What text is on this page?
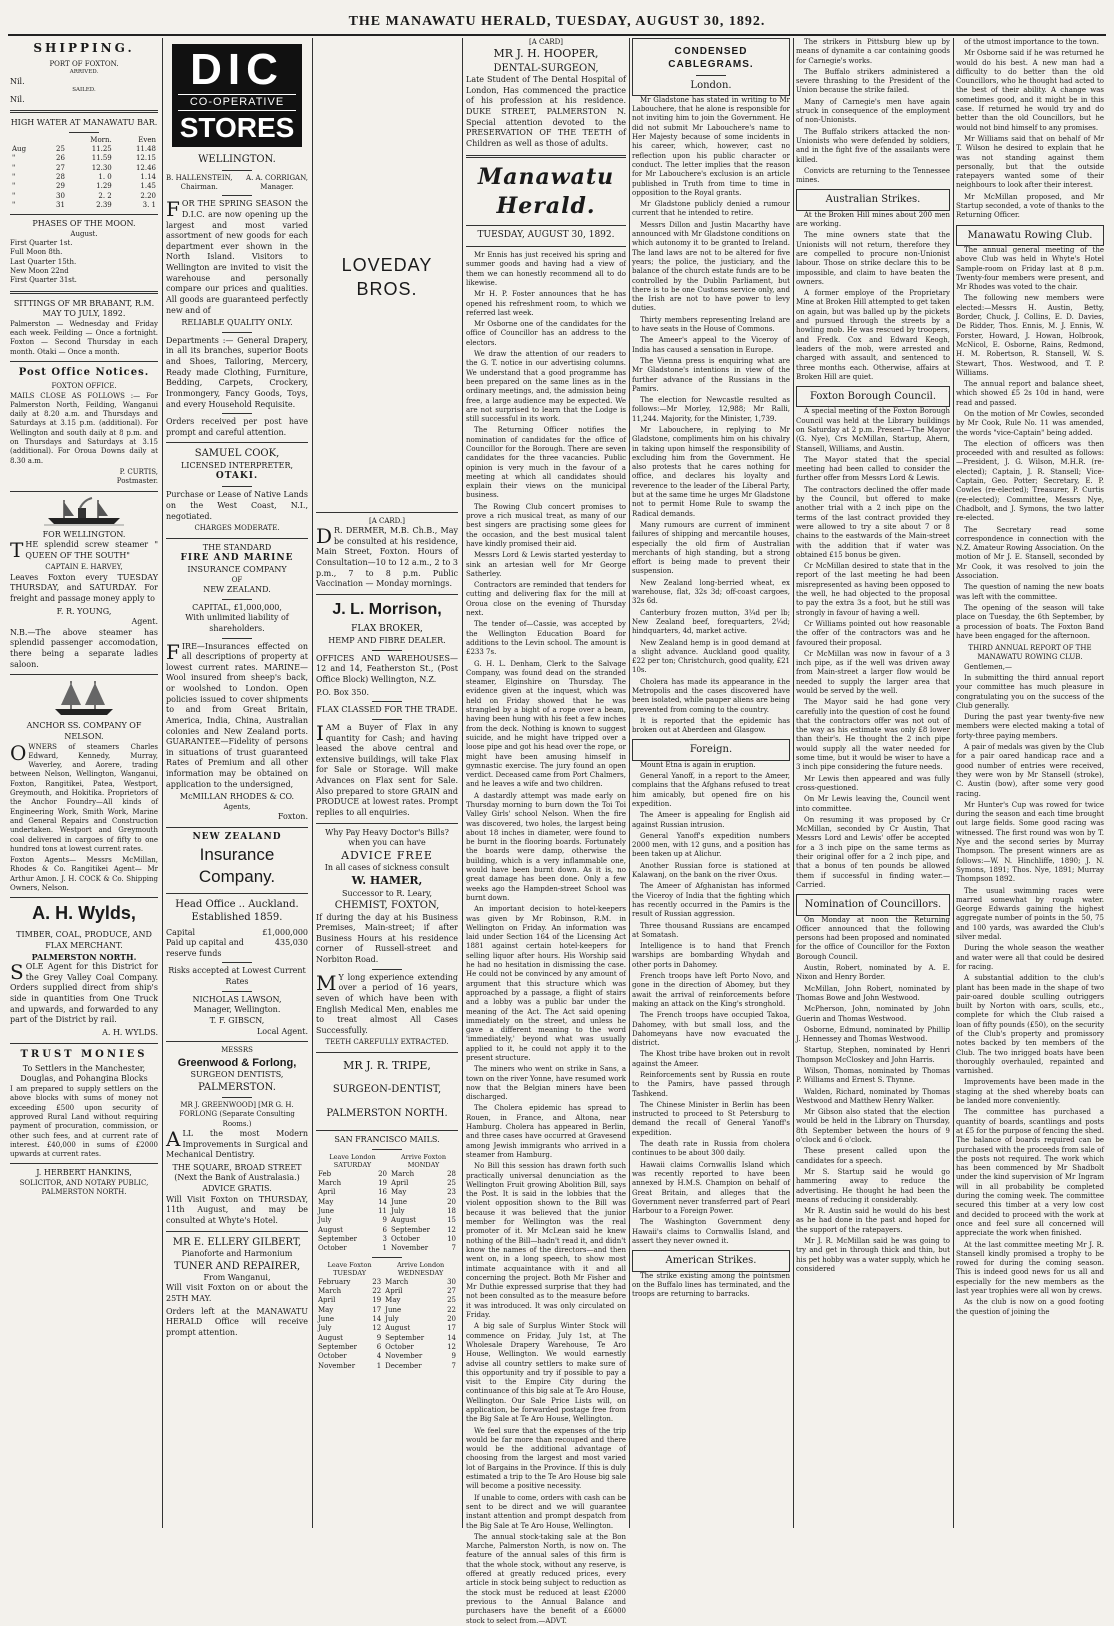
THE MANAWATU HERALD, TUESDAY, AUGUST 30, 1892.
SHIPPING.
PORT OF FOXTON.
ARRIVED.
Nil.
SAILED.
Nil.
HIGH WATER AT MANAWATU BAR.
		Morn.	Even
Aug	25	11.25	11.48
"	26	11.59	12.15
"	27	12.30	12.46
"	28	1. 0	1.14
"	29	1.29	1.45
"	30	2. 2	2.20
"	31	2.39	3. 1
PHASES OF THE MOON.
August.
First Quarter 1st.
Full Moon 8th.
Last Quarter 15th.
New Moon 22nd
First Quarter 31st.
SITTINGS OF MR BRABANT, R.M. MAY TO JULY, 1892.

Palmerston — Wednesday and Friday each week. Feilding — Once a fortnight. Foxton — Second Thursday in each month. Otaki — Once a month.

Post Office Notices.
FOXTON OFFICE.

MAILS CLOSE AS FOLLOWS :— For Palmerston North, Feilding, Wanganui daily at 8.20 a.m. and Thursdays and Saturdays at 3.15 p.m. (additional). For Wellington and south daily at 8 p.m. and on Thursdays and Saturdays at 3.15 (additional). For Oroua Downs daily at 8.30 a.m.

P. CURTIS,
Postmaster.
FOR WELLINGTON.

THE splendid screw steamer " QUEEN OF THE SOUTH"

CAPTAIN E. HARVEY,

Leaves Foxton every TUESDAY THURSDAY, and SATURDAY. For freight and passage money apply to

F. R. YOUNG,
Agent.

N.B.—The above steamer has splendid passenger accomodation, there being a separate ladies saloon.

ANCHOR SS. COMPANY OF NELSON.

OWNERS of steamers Charles Edward, Kennedy, Murray, Waverley, and Aorere, trading between Nelson, Wellington, Wanganui, Foxton, Rangitikei, Patea, Westport, Greymouth, and Hokitika. Proprietors of the Anchor Foundry—All kinds of Engineering Work, Smith Work, Marine and General Repairs and Construction undertaken. Westport and Greymouth coal delivered in cargoes of fifty to one hundred tons at lowest current rates.

Foxton Agents— Messrs McMillan, Rhodes & Co. Rangitikei Agent— Mr Arthur Amon. J. H. COCK & Co. Shipping Owners, Nelson.

A. H. Wylds,
TIMBER, COAL, PRODUCE, AND FLAX MERCHANT.
PALMERSTON NORTH.

SOLE Agent for this District for the Grey Valley Coal Company. Orders supplied direct from ship's side in quantities from One Truck and upwards, and forwarded to any part of the District by rail.

A. H. WYLDS.
TRUST MONIES
To Settlers in the Manchester, Douglas, and Pohangina Blocks

I am prepared to supply settlers on the above blocks with sums of money not exceeding £500 upon security of approved Rural Land without requiring payment of procuration, commission, or other such fees, and at current rate of interest. £40,000 in sums of £2000 upwards at current rates.

J. HERBERT HANKINS,
SOLICITOR, AND NOTARY PUBLIC,
PALMERSTON NORTH.
DIC
CO-OPERATIVE
STORES
WELLINGTON.
B. HALLENSTEIN,
Chairman.
A. A. CORRIGAN,
Manager.

FOR THE SPRING SEASON the D.I.C. are now opening up the largest and most varied assortment of new goods for each department ever shown in the North Island. Visitors to Wellington are invited to visit the warehouse and personally compare our prices and qualities. All goods are guaranteed perfectly new and of

RELIABLE QUALITY ONLY.

Departments :— General Drapery, in all its branches, superior Boots and Shoes, Tailoring, Mercery, Ready made Clothing, Furniture, Bedding, Carpets, Crockery, Ironmongery, Fancy Goods, Toys, and every Household Requisite.

Orders received per post have prompt and careful attention.

SAMUEL COOK,
LICENSED INTERPRETER,
OTAKI.

Purchase or Lease of Native Lands on the West Coast, N.I., negotiated.

CHARGES MODERATE.
THE STANDARD
FIRE AND MARINE
INSURANCE COMPANY
OF
NEW ZEALAND.
CAPITAL, £1,000,000,
With unlimited liability of shareholders.

FIRE—Insurances effected on all descriptions of property at lowest current rates. MARINE—Wool insured from sheep's back, or woolshed to London. Open policies issued to cover shipments to and from Great Britain, America, India, China, Australian colonies and New Zealand ports. GUARANTEE—Fidelity of persons in situations of trust guaranteed Rates of Premium and all other information may be obtained on application to the undersigned,

McMILLAN RHODES & CO.
Agents,
Foxton.
NEW ZEALAND
Insurance Company.
Head Office .. Auckland. Established 1859.
Capital	£1,000,000
Paid up capital and reserve funds
435,030
Risks accepted at Lowest Current Rates
NICHOLAS LAWSON,
Manager, Wellington.
T. F. GIBSCN,
Local Agent.
MESSRS
Greenwood & Forlong,
SURGEON DENTISTS,
PALMERSTON.
MR J. GREENWOOD] [MR G. H. FORLONG (Separate Consulting Rooms.)

ALL the most Modern Improvements in Surgical and Mechanical Dentistry.

THE SQUARE, BROAD STREET (Next the Bank of Australasia.)
ADVICE GRATIS.

Will Visit Foxton on THURSDAY, 11th August, and may be consulted at Whyte's Hotel.

MR E. ELLERY GILBERT,
Pianoforte and Harmonium
TUNER AND REPAIRER,
From Wanganui,

Will visit Foxton on or about the 25TH MAY.

Orders left at the MANAWATU HERALD Office will receive prompt attention.

LOVEDAY BROS.
[A CARD.]

DR. DERMER, M.B. Ch.B., May be consulted at his residence, Main Street, Foxton. Hours of Consultation—10 to 12 a.m., 2 to 3 p.m., 7 to 8 p.m. Public Vaccination — Monday mornings.

J. L. Morrison,
FLAX BROKER,
HEMP AND FIBRE DEALER.

OFFICES AND WAREHOUSES— 12 and 14, Featherston St., (Post Office Block) Wellington, N.Z.

P.O. Box 350.
FLAX CLASSED FOR THE TRADE.

IAM a Buyer of Flax in any quantity for Cash; and having leased the above central and extensive buildings, will take Flax for Sale or Storage. Will make Advances on Flax sent for Sale. Also prepared to store GRAIN and PRODUCE at lowest rates. Prompt replies to all enquiries.

Why Pay Heavy Doctor's Bills? when you can have
ADVICE FREE
In all cases of sickness consult
W. HAMER,
Successor to R. Leary,
CHEMIST, FOXTON,

If during the day at his Business Premises, Main-street; if after Business Hours at his residence corner of Russell-street and Norbiton Road.

MY long experience extending over a period of 16 years, seven of which have been with English Medical Men, enables me to treat almost All Cases Successfully.

TEETH CAREFULLY EXTRACTED.
MR J. R. TRIPE,
SURGEON-DENTIST,
PALMERSTON NORTH.
SAN FRANCISCO MAILS.
Leave London SATURDAY		Arrive Foxton MONDAY	
Feb	20	March	28
March	19	April	25
April	16	May	23
May	14	June	20
June	11	July	18
July	9	August	15
August	6	September	12
September	3	October	10
October	1	November	7
Leave Foxton TUESDAY		Arrive London WEDNESDAY	
February	23	March	30
March	22	April	27
April	19	May	25
May	17	June	22
June	14	July	20
July	12	August	17
August	9	September	14
September	6	October	12
October	4	November	9
November	1	December	7
[A CARD]
MR J. H. HOOPER,
DENTAL-SURGEON,

Late Student of The Dental Hospital of London, Has commenced the practice of his profession at his residence. DUKE STREET, PALMERSTON N. Special attention devoted to the PRESERVATION OF THE TEETH of Children as well as those of adults.

Manawatu Herald.
TUESDAY, AUGUST 30, 1892.

Mr Ennis has just received his spring and summer goods and having had a view of them we can honestly recommend all to do likewise.

Mr H. P. Foster announces that he has opened his refreshment room, to which we referred last week.

Mr Osborne one of the candidates for the office of Councillor has an address to the electors.

We draw the attention of our readers to the G. T. notice in our advertising columns. We understand that a good programme has been prepared on the same lines as in the ordinary meetings, and, the admission being free, a large audience may be expected. We are not surprised to learn that the Lodge is still successful in its work.

The Returning Officer notifies the nomination of candidates for the office of Councillor for the Borough. There are seven candidates for the three vacancies. Public opinion is very much in the favour of a meeting at which all candidates should explain their views on the municipal business.

The Rowing Club concert promises to prove a rich musical treat, as many of our best singers are practising some glees for the occasion, and the best musical talent have kindly promised their aid.

Messrs Lord & Lewis started yesterday to sink an artesian well for Mr George Satherley.

Contractors are reminded that tenders for cutting and delivering flax for the mill at Oroua close on the evening of Thursday next.

The tender of—Cassie, was accepted by the Wellington Education Board for additions to the Levin school. The amount is £233 7s.

G. H. L. Denham, Clerk to the Salvage Company, was found dead on the stranded steamer, Elginshire on Thursday. The evidence given at the inquest, which was held on Friday showed that he was strangled by a bight of a rope over a beam, having been hung with his feet a few inches from the deck. Nothing is known to suggest suicide, and he might have tripped over a loose pipe and got his head over the rope, or might have been amusing himself in gymnastic exercise. The jury found an open verdict. Deceased came from Port Chalmers, and he leaves a wife and two children.

A dastardly attempt was made early on Thursday morning to burn down the Toi Toi Valley Girls' school Nelson. When the fire was discovered, two holes, the largest being about 18 inches in diameter, were found to be burnt in the flooring boards. Fortunately the boards were damp, otherwise the building, which is a very inflammable one, would have been burnt down. As it is, no great damage has been done. Only a few weeks ago the Hampden-street School was burnt down.

An important decision to hotel-keepers was given by Mr Robinson, R.M. in Wellington on Friday. An information was laid under Section 164 of the Licensing Act 1881 against certain hotel-keepers for selling liquor after hours. His Worship said he had no hesitation in dismissing the case. He could not be convinced by any amount of argument that this structure which was approached by a passage, a flight of stairs and a lobby was a public bar under the meaning of the Act. The Act said opening immediately on the street, and unless he gave a different meaning to the word 'immediately,' beyond what was usually applied to it, he could not apply it to the present structure.

The miners who went on strike in Sans, a town on the river Yonne, have resumed work now that the Belgian miners have been discharged.

The Cholera epidemic has spread to Rouen, in France, and Altona, near Hamburg. Cholera has appeared in Berlin, and three cases have occurred at Gravesend among Jewish immigrants who arrived in a steamer from Hamburg.

No Bill this session has drawn forth such practically universal denunciation as the Wellington Fruit growing Abolition Bill, says the Post. It is said in the lobbies that the violent opposition shown to the Bill was because it was believed that the junior member for Wellington was the real promoter of it. Mr McLean said he knew nothing of the Bill—hadn't read it, and didn't know the names of the directors—and then went on, in a long speech, to show most intimate acquaintance with it and all concerning the project. Both Mr Fisher and Mr Duthie expressed surprise that they had not been consulted as to the measure before it was introduced. It was only circulated on Friday.

A big sale of Surplus Winter Stock will commence on Friday, July 1st, at The Wholesale Drapery Warehouse, Te Aro House, Wellington. We would earnestly advise all country settlers to make sure of this opportunity and try if possible to pay a visit to the Empire City during the continuance of this big sale at Te Aro House, Wellington. Our Sale Price Lists will, on application, be forwarded postage free from the Big Sale at Te Aro House, Wellington.

We feel sure that the expenses of the trip would be far more than recouped and there would be the additional advantage of choosing from the largest and most varied lot of Bargains in the Province. If this is duly estimated a trip to the Te Aro House big sale will become a positive necessity.

If unable to come, orders with cash can be sent to be direct and we will guarantee instant attention and prompt despatch from the Big Sale at Te Aro House, Wellington.

The annual stock-taking sale at the Bon Marche, Palmerston North, is now on. The feature of the annual sales of this firm is that the whole stock, without any reserve, is offered at greatly reduced prices, every article in stock being subject to reduction as the stock must be reduced at least £2000 previous to the Annual Balance and purchasers have the benefit of a £6000 stock to select from.—ADVT.

CONDENSED CABLEGRAMS.
London.

Mr Gladstone has stated in writing to Mr Labouchere, that he alone is responsible for not inviting him to join the Government. He did not submit Mr Labouchere's name to Her Majesty because of some incidents in his career, which, however, cast no reflection upon his public character or conduct. The letter implies that the reason for Mr Labouchere's exclusion is an article published in Truth from time to time in opposition to the Royal grants.

Mr Gladstone publicly denied a rumour current that he intended to retire.

Messrs Dillon and Justin Macarthy have announced with Mr Gladstone conditions on which autonomy it to be granted to Ireland. The land laws are not to be altered for five years; the police, the justiciary, and the balance of the church estate funds are to be controlled by the Dublin Parliament, but there is to be one Customs service only, and the Irish are not to have power to levy duties.

Thirty members representing Ireland are to have seats in the House of Commons.

The Ameer's appeal to the Viceroy of India has caused a sensation in Europe.

The Vienna press is enquiring what are Mr Gladstone's intentions in view of the further advance of the Russians in the Pamirs.

The election for Newcastle resulted as follows:—Mr Morley, 12,988; Mr Ralli, 11,244. Majority, for the Minister, 1,739.

Mr Labouchere, in replying to Mr Gladstone, compliments him on his chivalry in taking upon himself the responsibility of excluding him from the Government. He also protests that he cares nothing for office, and declares his loyalty and reverence to the leader of the Liberal Party, but at the same time he urges Mr Gladstone not to permit Home Rule to swamp the Radical demands.

Many rumours are current of imminent failures of shipping and mercantile houses, especially the old firm of Australian merchants of high standing, but a strong effort is being made to prevent their suspension.

New Zealand long-berried wheat, ex warehouse, flat, 32s 3d; off-coast cargoes, 32s 6d.

Canterbury frozen mutton, 3¼d per lb; New Zealand beef, forequarters, 2¼d; hindquarters, 4d, market active.

New Zealand hemp is in good demand at a slight advance. Auckland good quality, £22 per ton; Christchurch, good quality, £21 10s.

Cholera has made its appearance in the Metropolis and the cases discovered have been isolated, while pauper aliens are being prevented from coming to the country.

It is reported that the epidemic has broken out at Aberdeen and Glasgow.

Foreign.

Mount Etna is again in eruption.

General Yanoff, in a report to the Ameer, complains that the Afghans refused to treat him amicably, but opened fire on his expedition.

The Ameer is appealing for English aid against Russian intrusion.

General Yanoff's expedition numbers 2000 men, with 12 guns, and a position has been taken up at Alichur.

Another Russian force is stationed at Kalawanj, on the bank on the river Oxus.

The Ameer of Afghanistan has informed the Viceroy of India that the fighting which has recently occurred in the Pamirs is the result of Russian aggression.

Three thousand Russians are encamped at Somatash.

Intelligence is to hand that French warships are bombarding Whydah and other ports in Dahomey.

French troops have left Porto Novo, and gone in the direction of Abomey, but they await the arrival of reinforcements before making an attack on the King's stronghold.

The French troops have occupied Takoa, Dahomey, with but small loss, and the Dahomeyans have now evacuated the district.

The Khost tribe have broken out in revolt against the Ameer.

Reinforcements sent by Russia en route to the Pamirs, have passed through Tashkend.

The Chinese Minister in Berlin has been instructed to proceed to St Petersburg to demand the recall of General Yanoff's expedition.

The death rate in Russia from cholera continues to be about 300 daily.

Hawaii claims Cornwallis Island which was recently reported to have been annexed by H.M.S. Champion on behalf of Great Britain, and alleges that the Government never transferred part of Pearl Harbour to a Foreign Power.

The Washington Government deny Hawaii's claims to Cornwallis Island, and assert they never owned it.

American Strikes.

The strike existing among the pointsmen on the Buffalo lines has terminated, and the troops are returning to barracks.

The strikers in Pittsburg blew up by means of dynamite a car containing goods for Carnegie's works.

The Buffalo strikers administered a severe thrashing to the President of the Union because the strike failed.

Many of Carnegie's men have again struck in consequence of the employment of non-Unionists.

The Buffalo strikers attacked the non-Unionists who were defended by soldiers, and in the fight five of the assailants were killed.

Convicts are returning to the Tennessee mines.

Australian Strikes.

At the Broken Hill mines about 200 men are working.

The mine owners state that the Unionists will not return, therefore they are compelled to procure non-Unionist labour. Those on strike declare this to be impossible, and claim to have beaten the owners.

A former employe of the Proprietary Mine at Broken Hill attempted to get taken on again, but was balled up by the pickets and pursued through the streets by a howling mob. He was rescued by troopers, and Fredk. Cox and Edward Keogh, leaders of the mob, were arrested and charged with assault, and sentenced to three months each. Otherwise, affairs at Broken Hill are quiet.

Foxton Borough Council.

A special meeting of the Foxton Borough Council was held at the Library buildings on Saturday at 2 p.m. Present—The Mayor (G. Nye), Crs McMillan, Startup, Ahern, Stansell, Williams, and Austin.

The Mayor stated that the special meeting had been called to consider the further offer from Messrs Lord & Lewis.

The contractors declined the offer made by the Council, but offered to make another trial with a 2 inch pipe on the terms of the last contract provided they were allowed to try a site about 7 or 8 chains to the eastwards of the Main-street with the addition that if water was obtained £15 bonus be given.

Cr McMillan desired to state that in the report of the last meeting he had been misrepresented as having been opposed to the well, he had objected to the proposal to pay the extra 3s a foot, but he still was strongly in favour of having a well.

Cr Williams pointed out how reasonable the offer of the contractors was and he favoured their proposal.

Cr McMillan was now in favour of a 3 inch pipe, as if the well was driven away from Main-street a larger flow would be needed to supply the larger area that would be served by the well.

The Mayor said he had gone very carefully into the question of cost he found that the contractors offer was not out of the way as his estimate was only £8 lower than their's. He thought the 2 inch pipe would supply all the water needed for some time, but it would be wiser to have a 3 inch pipe considering the future needs.

Mr Lewis then appeared and was fully cross-questioned.

On Mr Lewis leaving the, Council went into committee.

On resuming it was proposed by Cr McMillan, seconded by Cr Austin, That Messrs Lord and Lewis' offer be accepted for a 3 inch pipe on the same terms as their original offer for a 2 inch pipe, and that a bonus of ten pounds be allowed them if successful in finding water.—Carried.

Nomination of Councillors.

On Monday at noon the Returning Officer announced that the following persons had been proposed and nominated for the office of Councillor for the Foxton Borough Council.

Austin, Robert, nominated by A. E. Nixon and Henry Border.

McMillan, John Robert, nominated by Thomas Bowe and John Westwood.

McPherson, John, nominated by John Guerin and Thomas Westwood.

Osborne, Edmund, nominated by Phillip J. Hennessey and Thomas Westwood.

Startup, Stephen, nominated by Henri Thompson McCloskey and John Harris.

Wilson, Thomas, nominated by Thomas P. Williams and Ernest S. Thynne.

Walden, Richard, nominated by Thomas Westwood and Matthew Henry Walker.

Mr Gibson also stated that the election would be held in the Library on Thursday, 8th September between the hours of 9 o'clock and 6 o'clock.

These present called upon the candidates for a speech.

Mr S. Startup said he would go hammering away to reduce the advertising. He thought he had been the means of reducing it considerably.

Mr R. Austin said he would do his best as he had done in the past and hoped for the support of the ratepayers.

Mr J. R. McMillan said he was going to try and get in through thick and thin, but his pet hobby was a water supply, which he considered

of the utmost importance to the town.

Mr Osborne said if he was returned he would do his best. A new man had a difficulty to do better than the old Councillors, who he thought had acted to the best of their ability. A change was sometimes good, and it might be in this case. If returned he would try and do better than the old Councillors, but he would not bind himself to any promises.

Mr Williams said that on behalf of Mr T. Wilson he desired to explain that he was not standing against them personally, but that the outside ratepayers wanted some of their neighbours to look after their interest.

Mr McMillan proposed, and Mr Startup seconded, a vote of thanks to the Returning Officer.

Manawatu Rowing Club.

The annual general meeting of the above Club was held in Whyte's Hotel Sample-room on Friday last at 8 p.m. Twenty-four members were present, and Mr Rhodes was voted to the chair.

The following new members were elected:—Messrs H. Austin, Betty, Border, Chuck, J. Collins, E. D. Davies, De Ridder, Thos. Ennis, M. J. Ennis, W. Forster, Howard, J. Howan, Holbrook, McNicol, E. Osborne, Rains, Redmond, H. M. Robertson, R. Stansell, W. S. Stewart, Thos. Westwood, and T. P. Williams.

The annual report and balance sheet, which showed £5 2s 10d in hand, were read and passed.

On the motion of Mr Cowles, seconded by Mr Cook, Rule No. 11 was amended, the words "vice-Captain" being added.

The election of officers was then proceeded with and resulted as follows:—President, J. G. Wilson, M.H.R. (re-elected); Captain, J. R. Stansell; Vice-Captain, Geo. Potter; Secretary, E. P. Cowles (re-elected); Treasurer, P. Curtis (re-elected); Committee, Messrs Nye, Chadbolt, and J. Symons, the two latter re-elected.

The Secretary read some correspondence in connection with the N.Z. Amateur Rowing Association. On the motion of Mr J. E. Stansell, seconded by Mr Cook, it was resolved to join the Association.

The question of naming the new boats was left with the committee.

The opening of the season will take place on Tuesday, the 6th September, by a procession of boats. The Foxton Band have been engaged for the afternoon.

THIRD ANNUAL REPORT OF THE MANAWATU ROWING CLUB.

Gentlemen,—

In submitting the third annual report your committee has much pleasure in congratulating you on the success of the Club generally.

During the past year twenty-five new members were elected making a total of forty-three paying members.

A pair of medals was given by the Club for a pair oared handicap race and a good number of entries were received, they were won by Mr Stansell (stroke), C. Austin (bow), after some very good racing.

Mr Hunter's Cup was rowed for twice during the season and each time brought out large fields. Some good racing was witnessed. The first round was won by T. Nye and the second series by Murray Thompson. The present winners are as follows:—W. N. Hinchliffe, 1890; J. N. Symons, 1891; Thos. Nye, 1891; Murray Thompson 1892.

The usual swimming races were marred somewhat by rough water. George Edwards gaining the highest aggregate number of points in the 50, 75 and 100 yards, was awarded the Club's silver medal.

During the whole season the weather and water were all that could be desired for racing.

A substantial addition to the club's plant has been made in the shape of two pair-oared double sculling outriggers built by Norton with oars, sculls, etc., complete for which the Club raised a loan of fifty pounds (£50), on the security of the Club's property and promissory notes backed by ten members of the Club. The two inrigged boats have been thoroughly overhauled, repainted and varnished.

Improvements have been made in the staging at the shed whereby boats can be landed more conveniently.

The committee has purchased a quantity of boards, scantlings and posts at £5 for the purpose of fencing the shed. The balance of boards required can be purchased with the proceeds from sale of the posts not required. The work which has been commenced by Mr Shadbolt under the kind supervision of Mr Ingram will in all probability be completed during the coming week. The committee secured this timber at a very low cost and decided to proceed with the work at once and feel sure all concerned will appreciate the work when finished.

At the last committee meeting Mr J. R. Stansell kindly promised a trophy to be rowed for during the coming season. This is indeed good news for us all and especially for the new members as the last year trophies were all won by crews.

As the club is now on a good footing the question of joining the
